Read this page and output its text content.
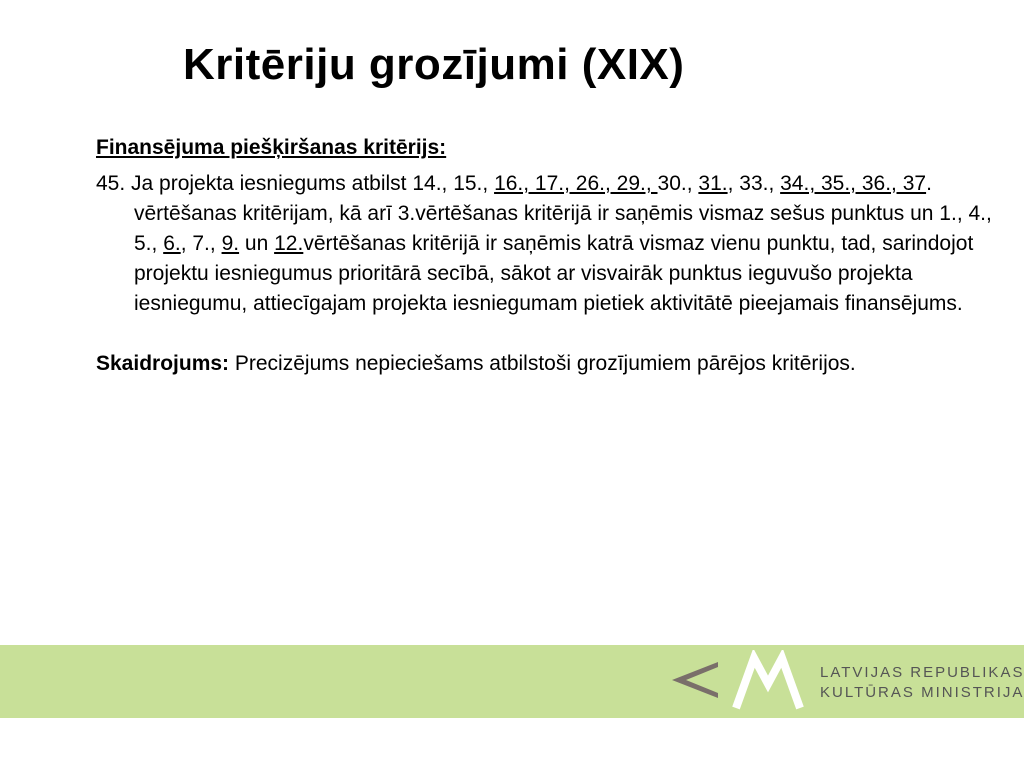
Kritēriju grozījumi (XIX)
Finansējuma piešķiršanas kritērijs:

45. Ja projekta iesniegums atbilst 14., 15., 16., 17., 26., 29., 30., 31., 33., 34., 35., 36., 37. vērtēšanas kritērijam, kā arī 3.vērtēšanas kritērijā ir saņēmis vismaz sešus punktus un 1., 4., 5., 6., 7., 9. un 12.vērtēšanas kritērijā ir saņēmis katrā vismaz vienu punktu, tad, sarindojot projektu iesniegumus prioritārā secībā, sākot ar visvairāk punktus ieguvušo projekta iesniegumu, attiecīgajam projekta iesniegumam pietiek aktivitātē pieejamais finansējums.

Skaidrojums: Precizējums nepieciešams atbilstoši grozījumiem pārējos kritērijos.
LATVIJAS REPUBLIKAS
KULTŪRAS MINISTRIJA
